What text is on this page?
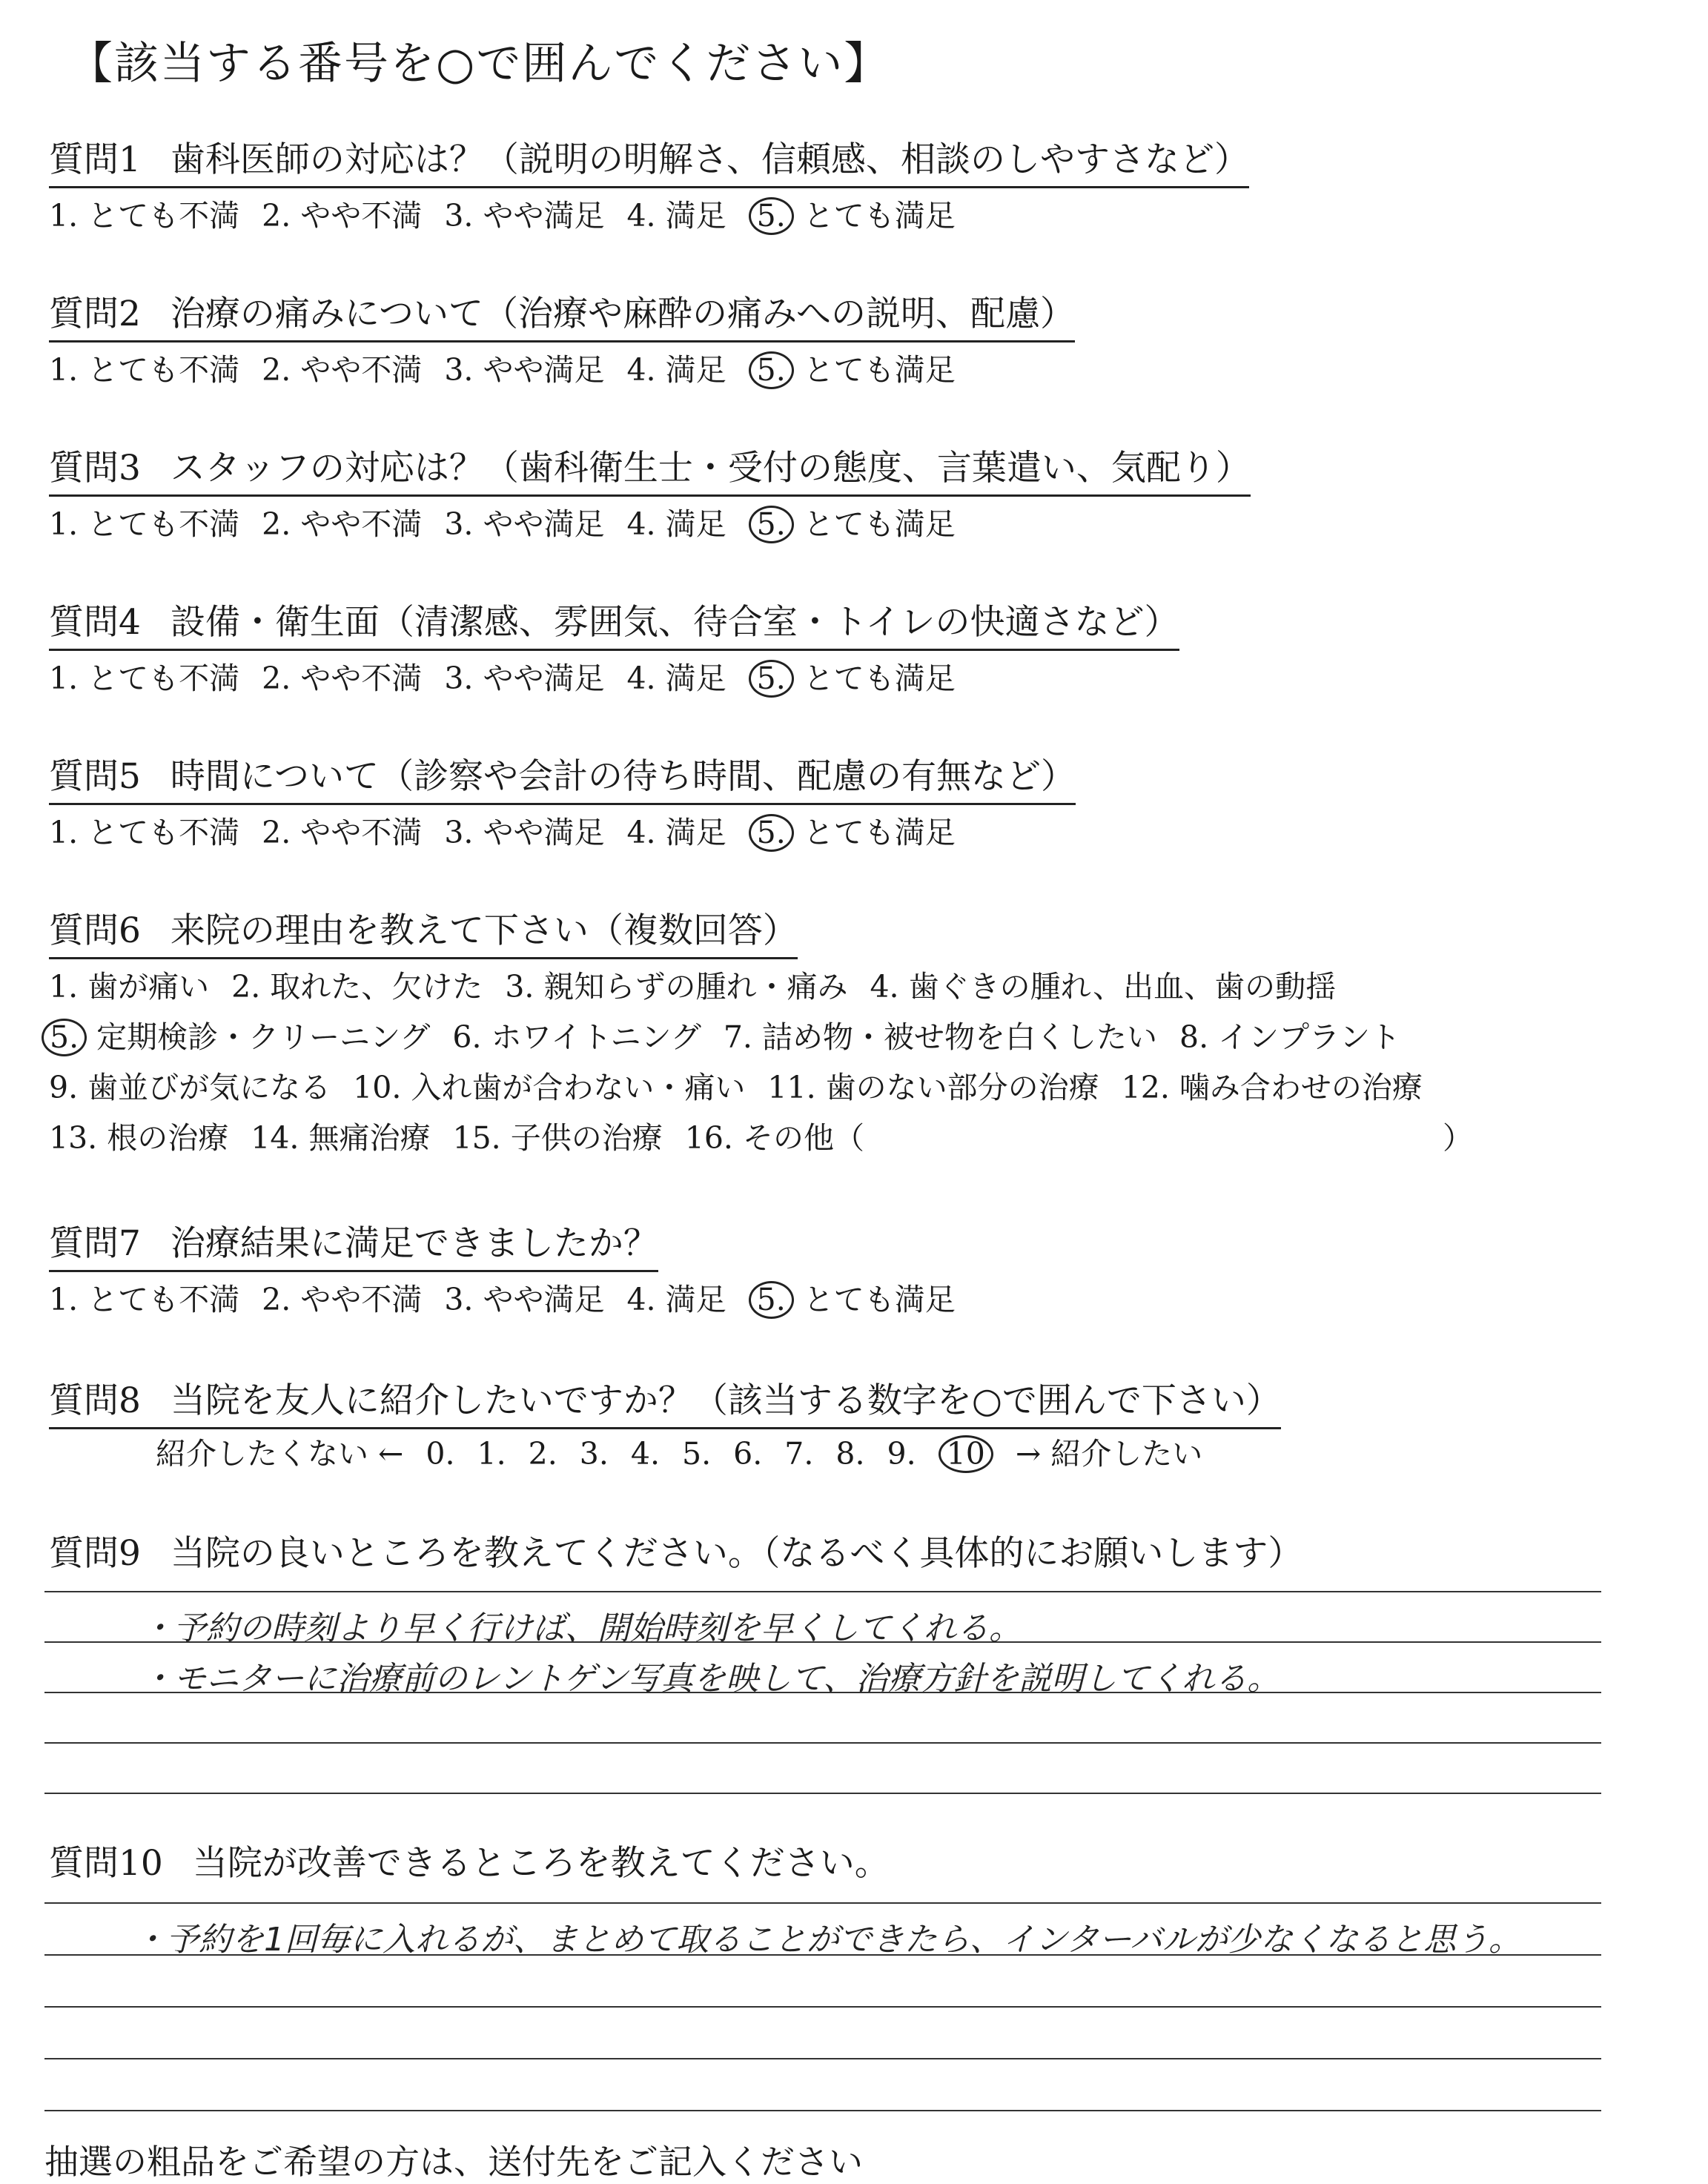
【該当する番号を○で囲んでください】
質問1 歯科医師の対応は？（説明の明解さ、信頼感、相談のしやすさなど）
1. とても不満 2. やや不満 3. やや満足 4. 満足 5. とても満足
質問2 治療の痛みについて（治療や麻酔の痛みへの説明、配慮）
1. とても不満 2. やや不満 3. やや満足 4. 満足 5. とても満足
質問3 スタッフの対応は？（歯科衛生士・受付の態度、言葉遣い、気配り）
1. とても不満 2. やや不満 3. やや満足 4. 満足 5. とても満足
質問4 設備・衛生面（清潔感、雰囲気、待合室・トイレの快適さなど）
1. とても不満 2. やや不満 3. やや満足 4. 満足 5. とても満足
質問5 時間について（診察や会計の待ち時間、配慮の有無など）
1. とても不満 2. やや不満 3. やや満足 4. 満足 5. とても満足
質問6 来院の理由を教えて下さい（複数回答）
1. 歯が痛い 2. 取れた、欠けた 3. 親知らずの腫れ・痛み 4. 歯ぐきの腫れ、出血、歯の動揺
5. 定期検診・クリーニング 6. ホワイトニング 7. 詰め物・被せ物を白くしたい 8. インプラント
9. 歯並びが気になる 10. 入れ歯が合わない・痛い 11. 歯のない部分の治療 12. 噛み合わせの治療
13. 根の治療 14. 無痛治療 15. 子供の治療 16. その他（	）
質問7 治療結果に満足できましたか？
1. とても不満 2. やや不満 3. やや満足 4. 満足 5. とても満足
質問8 当院を友人に紹介したいですか？（該当する数字を○で囲んで下さい）
紹介したくない ← 0. 1. 2. 3. 4. 5. 6. 7. 8. 9. 10 → 紹介したい
質問9 当院の良いところを教えてください。（なるべく具体的にお願いします）
・予約の時刻より早く行けば、開始時刻を早くしてくれる。
・モニターに治療前のレントゲン写真を映して、治療方針を説明してくれる。
質問10 当院が改善できるところを教えてください。
・予約を1回毎に入れるが、まとめて取ることができたら、インターバルが少なくなると思う。
抽選の粗品をご希望の方は、送付先をご記入ください
